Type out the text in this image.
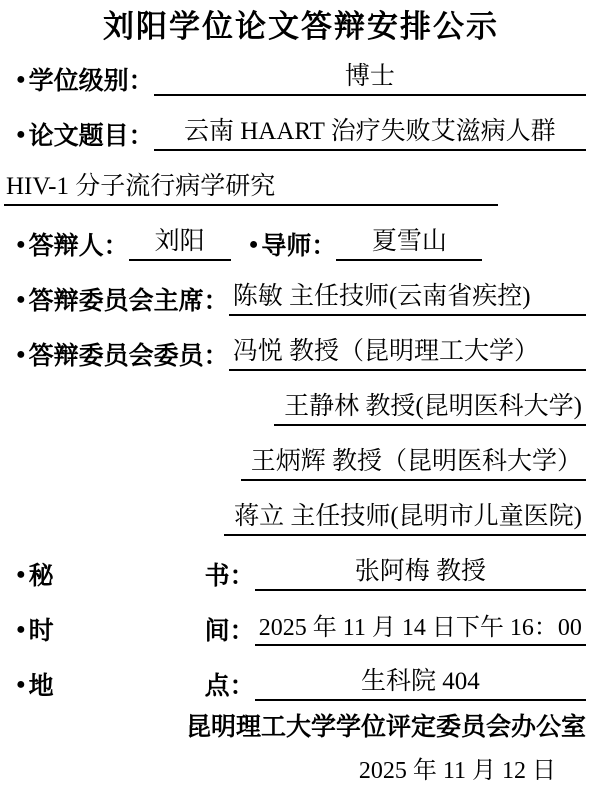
刘阳学位论文答辩安排公示
● 学位级别：	博士
● 论文题目：	云南 HAART 治疗失败艾滋病人群
HIV-1 分子流行病学研究
● 答辩人：	刘阳	● 导师：	夏雪山
● 答辩委员会主席： 陈敏 主任技师(云南省疾控)
● 答辩委员会委员： 冯悦 教授（昆明理工大学）
王静林 教授(昆明医科大学)
王炳辉 教授（昆明医科大学）
蒋立 主任技师(昆明市儿童医院)
● 秘	书：	张阿梅 教授
● 时	间： 2025 年 11 月 14 日下午 16：00
● 地	点：	生科院 404
昆明理工大学学位评定委员会办公室
2025 年 11 月 12 日
